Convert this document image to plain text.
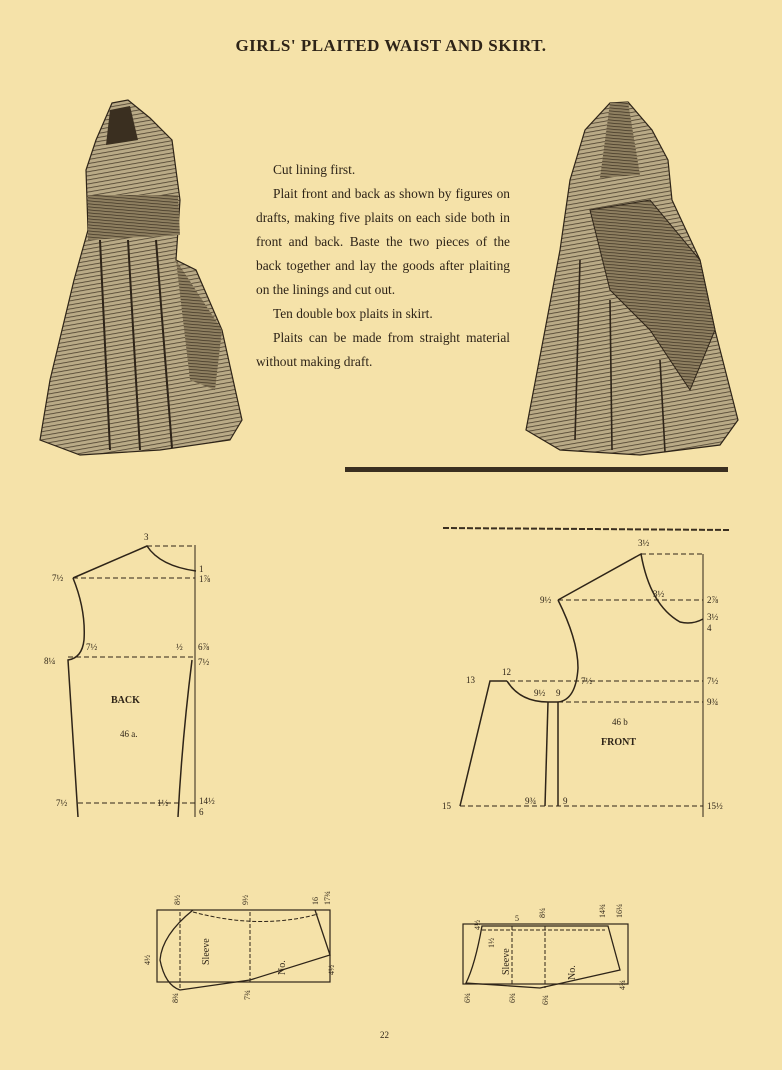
GIRLS' PLAITED WAIST AND SKIRT.

Cut lining first.

Plait front and back as shown by figures on drafts, making five plaits on each side both in front and back. Baste the two pieces of the back together and lay the goods after plaiting on the linings and cut out.

Ten double box plaits in skirt.

Plaits can be made from straight material without making draft.

3
7½
1
1⅞
7½	½ 6⅞
8¼	7½
7½	1½	14½
6
BACK
46 a.
3½
9½
3½
2⅞
3½
4
13
12
7½	7½
9½ 9
9¾
15	9¾	9	15½
46 b
FRONT
4½
8½	9½	16 17¾
4½
8¾	7¾
Sleeve
No.
4½
1½
5
8¼	14¾ 16¼
6¾	6¾	6¾
4¾
Sleeve	No.
22
